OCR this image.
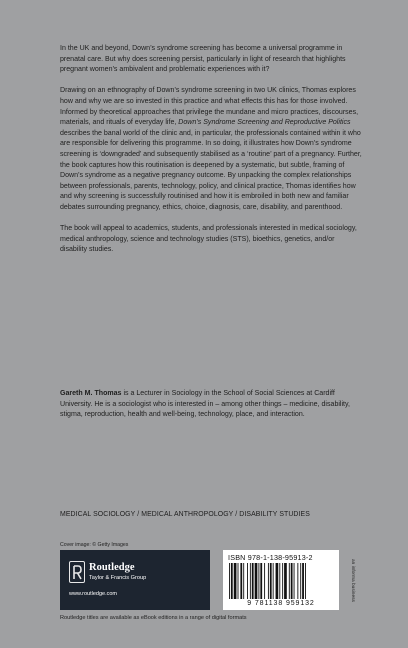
In the UK and beyond, Down’s syndrome screening has become a universal programme in prenatal care. But why does screening persist, particularly in light of research that highlights pregnant women’s ambivalent and problematic experiences with it?

Drawing on an ethnography of Down’s syndrome screening in two UK clinics, Thomas explores how and why we are so invested in this practice and what effects this has for those involved. Informed by theoretical approaches that privilege the mundane and micro practices, discourses, materials, and rituals of everyday life, Down’s Syndrome Screening and Reproductive Politics describes the banal world of the clinic and, in particular, the professionals contained within it who are responsible for delivering this programme. In so doing, it illustrates how Down’s syndrome screening is ‘downgraded’ and subsequently stabilised as a ‘routine’ part of a pregnancy. Further, the book captures how this routinisation is deepened by a systematic, but subtle, framing of Down’s syndrome as a negative pregnancy outcome. By unpacking the complex relationships between professionals, parents, technology, policy, and clinical practice, Thomas identifies how and why screening is successfully routinised and how it is embroiled in both new and familiar debates surrounding pregnancy, ethics, choice, diagnosis, care, disability, and parenthood.

The book will appeal to academics, students, and professionals interested in medical sociology, medical anthropology, science and technology studies (STS), bioethics, genetics, and/or disability studies.

Gareth M. Thomas is a Lecturer in Sociology in the School of Social Sciences at Cardiff University. He is a sociologist who is interested in – among other things – medicine, disability, stigma, reproduction, health and well-being, technology, place, and interaction.
MEDICAL SOCIOLOGY / MEDICAL ANTHROPOLOGY / DISABILITY STUDIES
Cover image: © Getty Images
Routledge
Taylor & Francis Group
www.routledge.com
ISBN 978-1-138-95913-2
9 781138 959132
an informa business
Routledge titles are available as eBook editions in a range of digital formats
